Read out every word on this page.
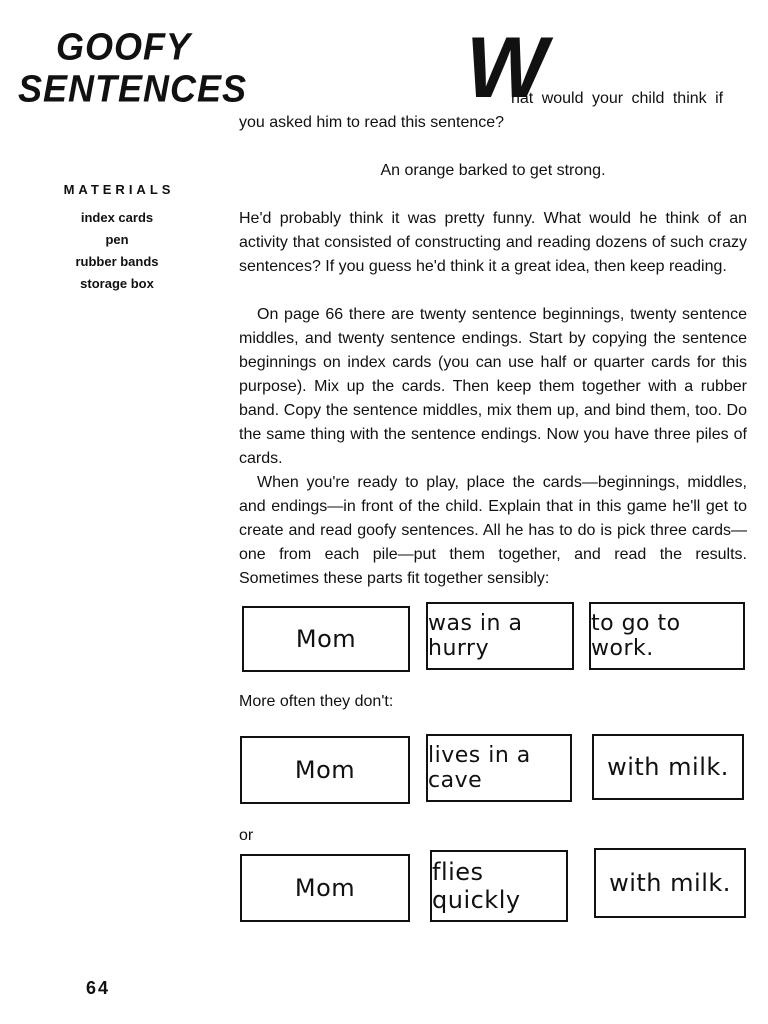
GOOFY
SENTENCES
MATERIALS
index cards
pen
rubber bands
storage box
W
hat would your child think if
you asked him to read this sentence?
An orange barked to get strong.
He'd probably think it was pretty funny. What would he think of an activity that consisted of constructing and reading dozens of such crazy sentences? If you guess he'd think it a great idea, then keep reading.
On page 66 there are twenty sentence beginnings, twenty sentence middles, and twenty sentence endings. Start by copying the sentence beginnings on index cards (you can use half or quarter cards for this purpose). Mix up the cards. Then keep them together with a rubber band. Copy the sentence middles, mix them up, and bind them, too. Do the same thing with the sentence endings. Now you have three piles of cards.
When you're ready to play, place the cards—beginnings, middles, and endings—in front of the child. Explain that in this game he'll get to create and read goofy sentences. All he has to do is pick three cards—one from each pile—put them together, and read the results. Sometimes these parts fit together sensibly:
Mom
was in a hurry
to go to work.
More often they don't:
Mom
lives in a cave	with milk.
or
Mom
flies quickly
with milk.
64
